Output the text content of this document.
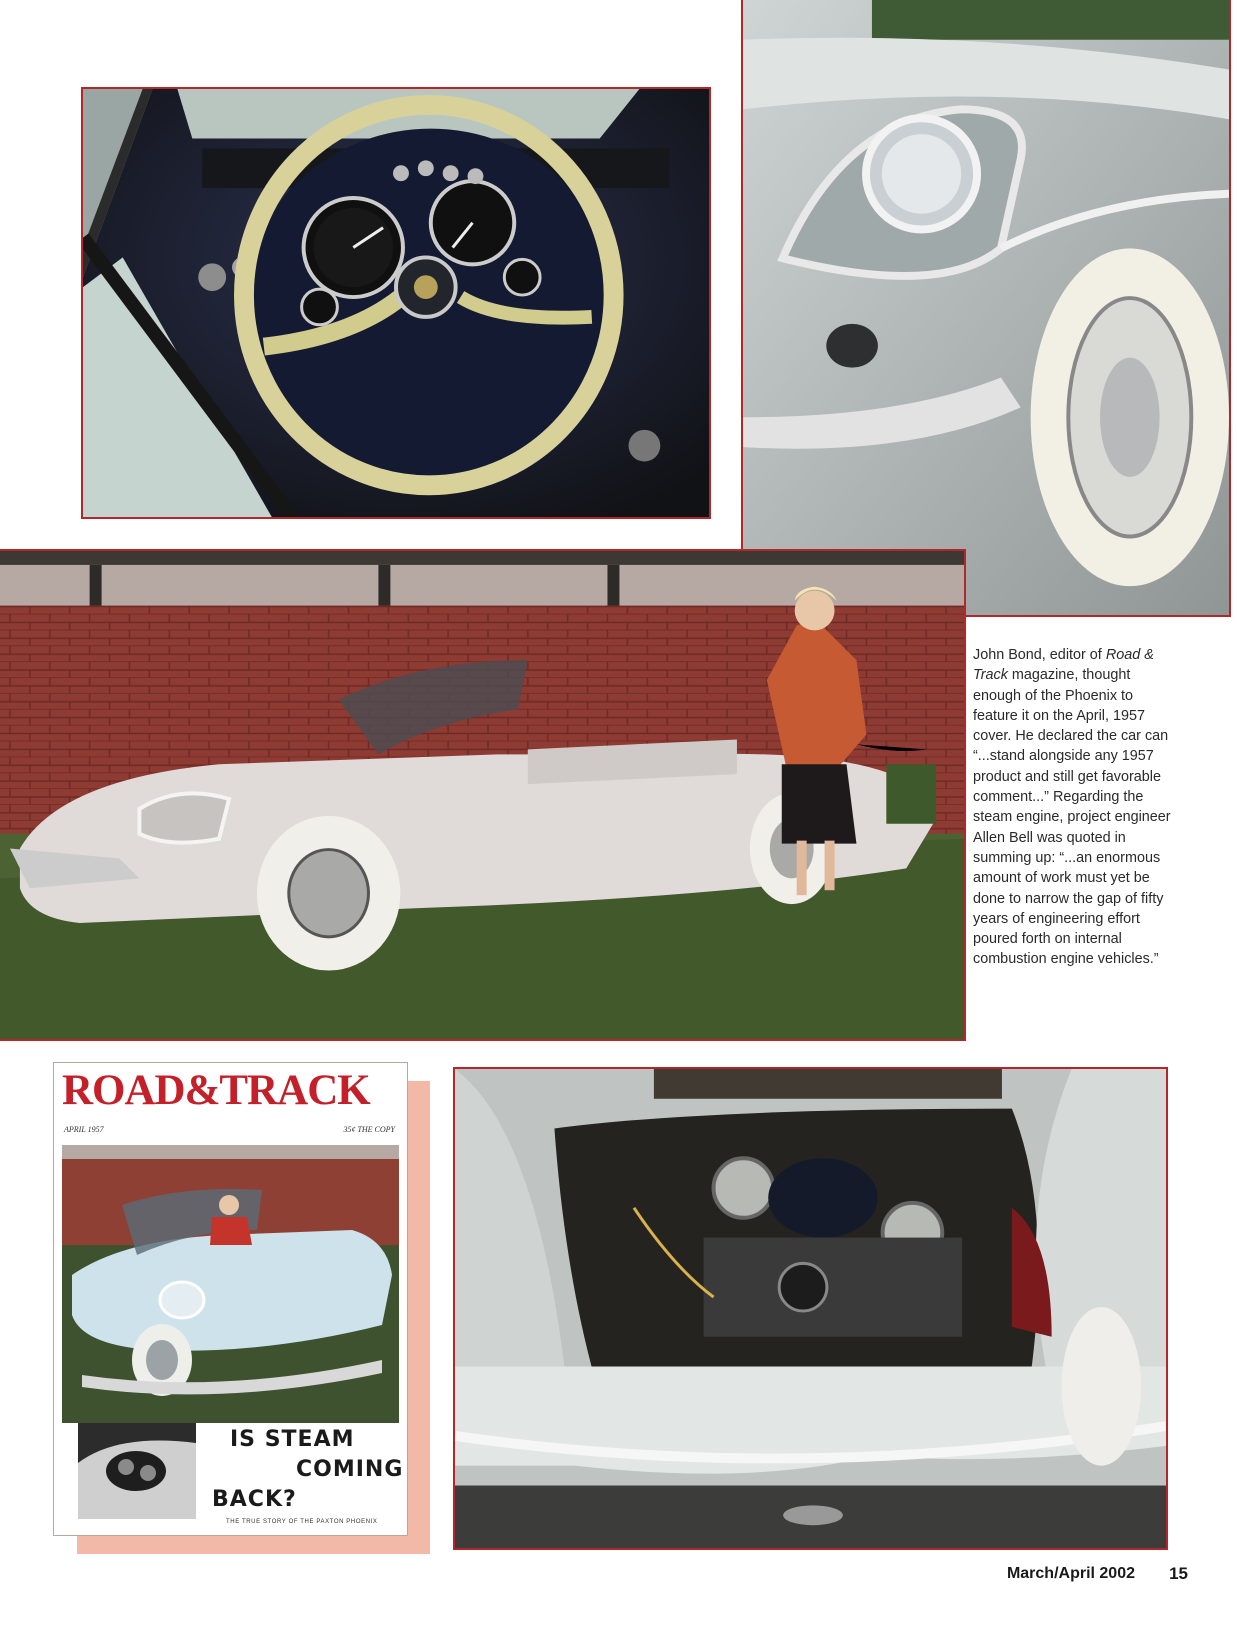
ROAD&TRACK
APRIL 1957	35¢ THE COPY
IS STEAM
COMING
BACK?
THE TRUE STORY OF THE PAXTON PHOENIX
John Bond, editor of Road & Track magazine, thought enough of the Phoenix to feature it on the April, 1957 cover. He declared the car can “...stand alongside any 1957 product and still get favorable comment...” Regarding the steam engine, project engineer Allen Bell was quoted in summing up: “...an enormous amount of work must yet be done to narrow the gap of fifty years of engineering effort poured forth on internal combustion engine vehicles.”
March/April 2002 15
